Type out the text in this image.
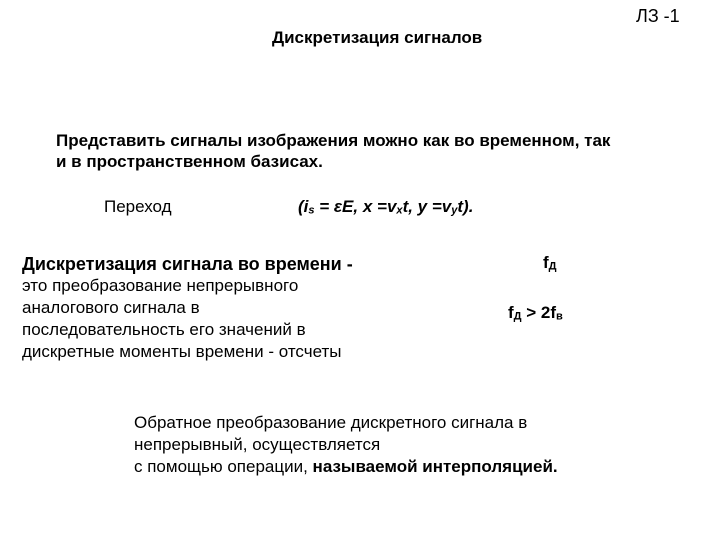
ЛЗ -1
Дискретизация сигналов
Представить сигналы изображения можно как во временном, так
и в пространственном базисах.
Переход	($i_s = \varepsilon E$, $x =v_xt$, $y =v_yt$).
Дискретизация сигнала во времени -
это преобразование непрерывного
аналогового сигнала в
последовательность его значений в
дискретные моменты времени - отсчеты
$f_Д$
$f_Д > 2f_в$
Обратное преобразование дискретного сигнала в
непрерывный, осуществляется
с помощью операции, называемой интерполяцией.
